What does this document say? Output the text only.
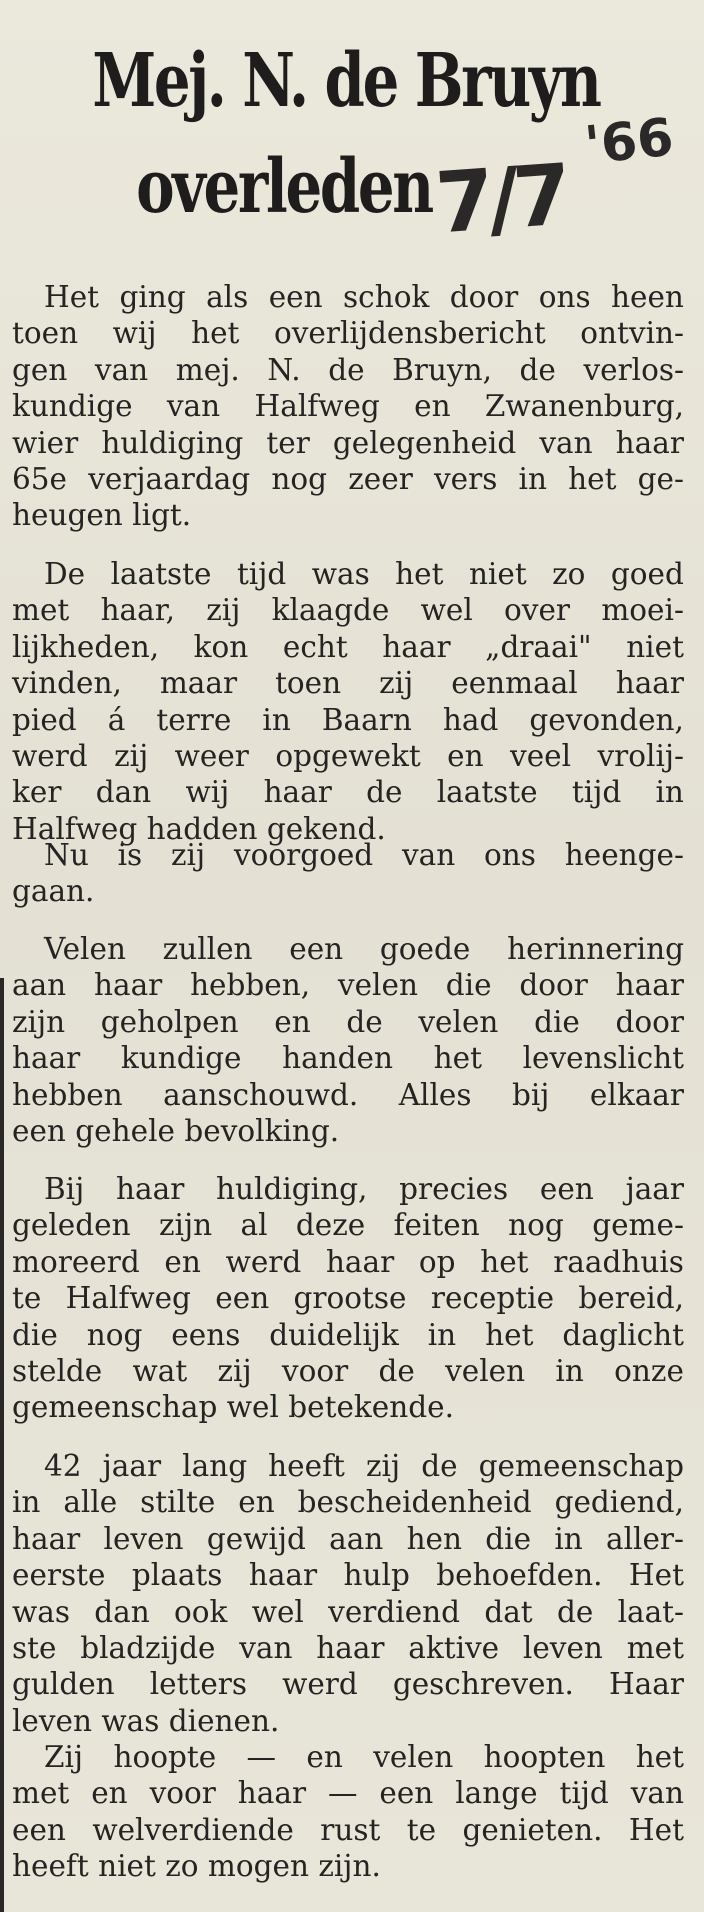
Mej. N. de Bruyn
overleden 7/7
'66
Het ging als een schok door ons heen
toen wij het overlijdensbericht ontvin-
gen van mej. N. de Bruyn, de verlos-
kundige van Halfweg en Zwanenburg,
wier huldiging ter gelegenheid van haar
65e verjaardag nog zeer vers in het ge-
heugen ligt.
De laatste tijd was het niet zo goed
met haar, zij klaagde wel over moei-
lijkheden, kon echt haar „draai" niet
vinden, maar toen zij eenmaal haar
pied á terre in Baarn had gevonden,
werd zij weer opgewekt en veel vrolij-
ker dan wij haar de laatste tijd in
Halfweg hadden gekend.
Nu is zij voorgoed van ons heenge-
gaan.
Velen zullen een goede herinnering
aan haar hebben, velen die door haar
zijn geholpen en de velen die door
haar kundige handen het levenslicht
hebben aanschouwd. Alles bij elkaar
een gehele bevolking.
Bij haar huldiging, precies een jaar
geleden zijn al deze feiten nog geme-
moreerd en werd haar op het raadhuis
te Halfweg een grootse receptie bereid,
die nog eens duidelijk in het daglicht
stelde wat zij voor de velen in onze
gemeenschap wel betekende.
42 jaar lang heeft zij de gemeenschap
in alle stilte en bescheidenheid gediend,
haar leven gewijd aan hen die in aller-
eerste plaats haar hulp behoefden. Het
was dan ook wel verdiend dat de laat-
ste bladzijde van haar aktive leven met
gulden letters werd geschreven. Haar
leven was dienen.
Zij hoopte — en velen hoopten het
met en voor haar — een lange tijd van
een welverdiende rust te genieten. Het
heeft niet zo mogen zijn.
